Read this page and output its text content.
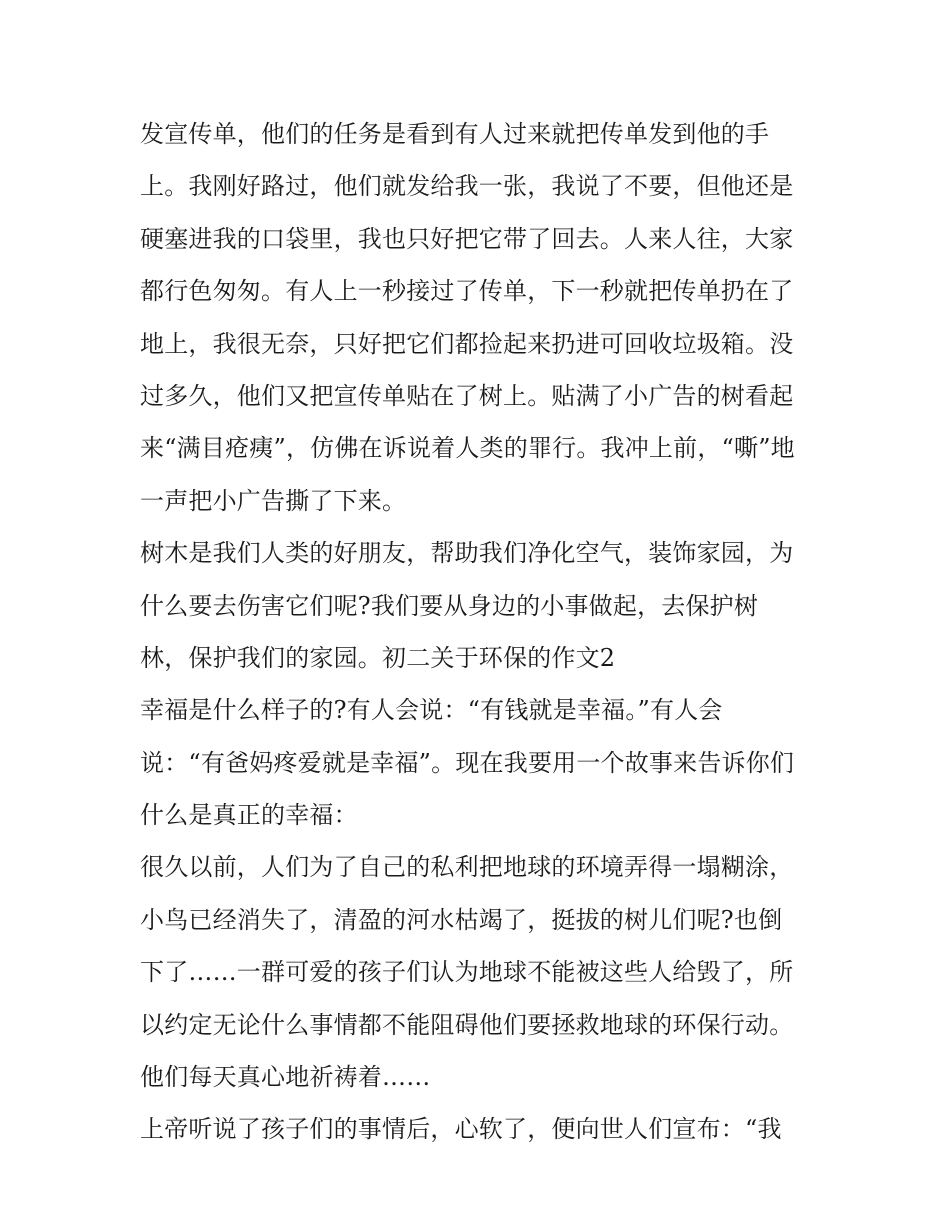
发宣传单，他们的任务是看到有人过来就把传单发到他的手
上。我刚好路过，他们就发给我一张，我说了不要，但他还是
硬塞进我的口袋里，我也只好把它带了回去。人来人往，大家
都行色匆匆。有人上一秒接过了传单，下一秒就把传单扔在了
地上，我很无奈，只好把它们都捡起来扔进可回收垃圾箱。没
过多久，他们又把宣传单贴在了树上。贴满了小广告的树看起
来“满目疮痍”，仿佛在诉说着人类的罪行。我冲上前，“嘶”地
一声把小广告撕了下来。
树木是我们人类的好朋友，帮助我们净化空气，装饰家园，为
什么要去伤害它们呢?我们要从身边的小事做起，去保护树
林，保护我们的家园。初二关于环保的作文2
幸福是什么样子的?有人会说：“有钱就是幸福。”有人会
说：“有爸妈疼爱就是幸福”。现在我要用一个故事来告诉你们
什么是真正的幸福：
很久以前，人们为了自己的私利把地球的环境弄得一塌糊涂，
小鸟已经消失了，清盈的河水枯竭了，挺拔的树儿们呢?也倒
下了……一群可爱的孩子们认为地球不能被这些人给毁了，所
以约定无论什么事情都不能阻碍他们要拯救地球的环保行动。
他们每天真心地祈祷着……
上帝听说了孩子们的事情后，心软了，便向世人们宣布：“我
